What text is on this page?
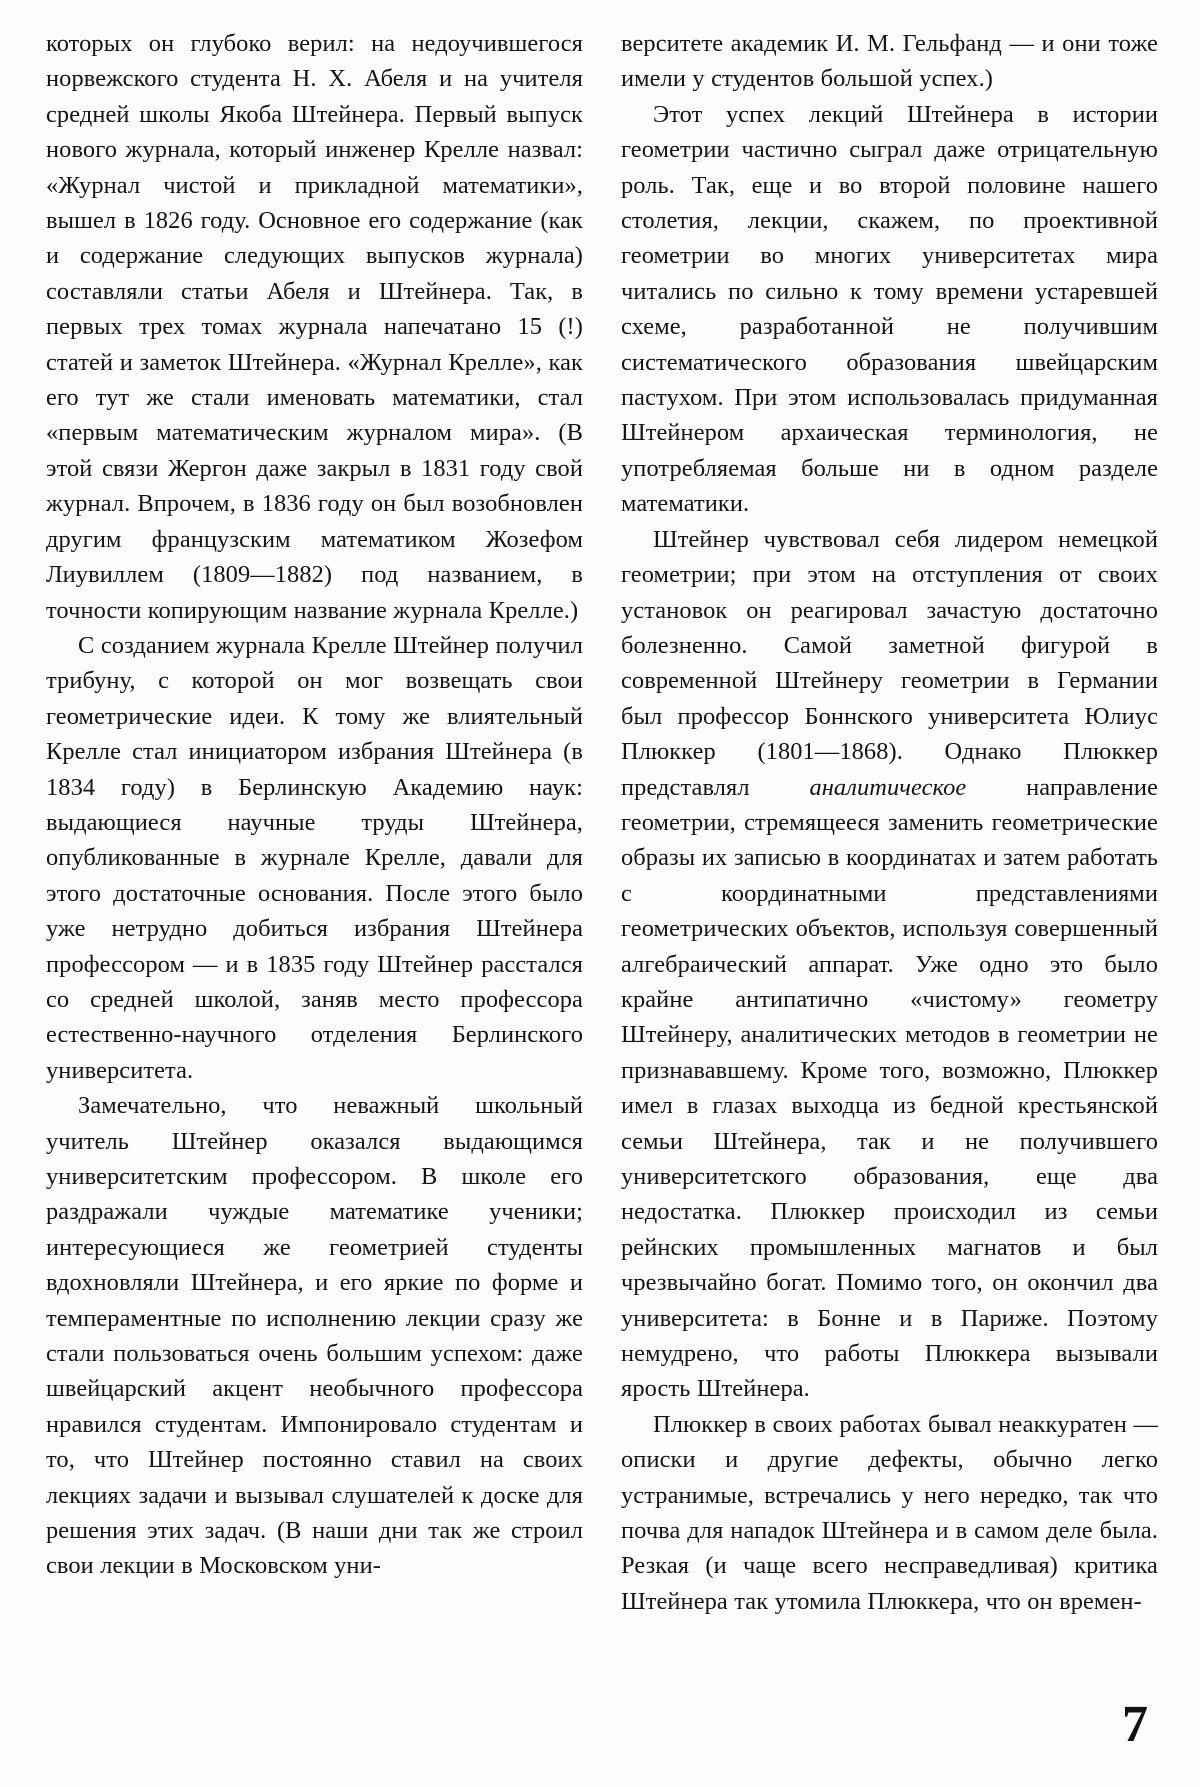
которых он глубоко верил: на недоучившегося норвежского студента Н. Х. Абеля и на учителя средней школы Якоба Штейнера. Первый выпуск нового журнала, который инженер Крелле назвал: «Журнал чистой и прикладной математики», вышел в 1826 году. Основное его содержание (как и содержание следующих выпусков журнала) составляли статьи Абеля и Штейнера. Так, в первых трех томах журнала напечатано 15 (!) статей и заметок Штейнера. «Журнал Крелле», как его тут же стали именовать математики, стал «первым математическим журналом мира». (В этой связи Жергон даже закрыл в 1831 году свой журнал. Впрочем, в 1836 году он был возобновлен другим французским математиком Жозефом Лиувиллем (1809—1882) под названием, в точности копирующим название журнала Крелле.)

С созданием журнала Крелле Штейнер получил трибуну, с которой он мог возвещать свои геометрические идеи. К тому же влиятельный Крелле стал инициатором избрания Штейнера (в 1834 году) в Берлинскую Академию наук: выдающиеся научные труды Штейнера, опубликованные в журнале Крелле, давали для этого достаточные основания. После этого было уже нетрудно добиться избрания Штейнера профессором — и в 1835 году Штейнер расстался со средней школой, заняв место профессора естественно-научного отделения Берлинского университета.

Замечательно, что неважный школьный учитель Штейнер оказался выдающимся университетским профессором. В школе его раздражали чуждые математике ученики; интересующиеся же геометрией студенты вдохновляли Штейнера, и его яркие по форме и темпераментные по исполнению лекции сразу же стали пользоваться очень большим успехом: даже швейцарский акцент необычного профессора нравился студентам. Импонировало студентам и то, что Штейнер постоянно ставил на своих лекциях задачи и вызывал слушателей к доске для решения этих задач. (В наши дни так же строил свои лекции в Московском уни-

верситете академик И. М. Гельфанд — и они тоже имели у студентов большой успех.)

Этот успех лекций Штейнера в истории геометрии частично сыграл даже отрицательную роль. Так, еще и во второй половине нашего столетия, лекции, скажем, по проективной геометрии во многих университетах мира читались по сильно к тому времени устаревшей схеме, разработанной не получившим систематического образования швейцарским пастухом. При этом использовалась придуманная Штейнером архаическая терминология, не употребляемая больше ни в одном разделе математики.

Штейнер чувствовал себя лидером немецкой геометрии; при этом на отступления от своих установок он реагировал зачастую достаточно болезненно. Самой заметной фигурой в современной Штейнеру геометрии в Германии был профессор Боннского университета Юлиус Плюккер (1801—1868). Однако Плюккер представлял аналитическое направление геометрии, стремящееся заменить геометрические образы их записью в координатах и затем работать с координатными представлениями геометрических объектов, используя совершенный алгебраический аппарат. Уже одно это было крайне антипатично «чистому» геометру Штейнеру, аналитических методов в геометрии не признававшему. Кроме того, возможно, Плюккер имел в глазах выходца из бедной крестьянской семьи Штейнера, так и не получившего университетского образования, еще два недостатка. Плюккер происходил из семьи рейнских промышленных магнатов и был чрезвычайно богат. Помимо того, он окончил два университета: в Бонне и в Париже. Поэтому немудрено, что работы Плюккера вызывали ярость Штейнера.

Плюккер в своих работах бывал неаккуратен — описки и другие дефекты, обычно легко устранимые, встречались у него нередко, так что почва для нападок Штейнера и в самом деле была. Резкая (и чаще всего несправедливая) критика Штейнера так утомила Плюккера, что он времен-

7
